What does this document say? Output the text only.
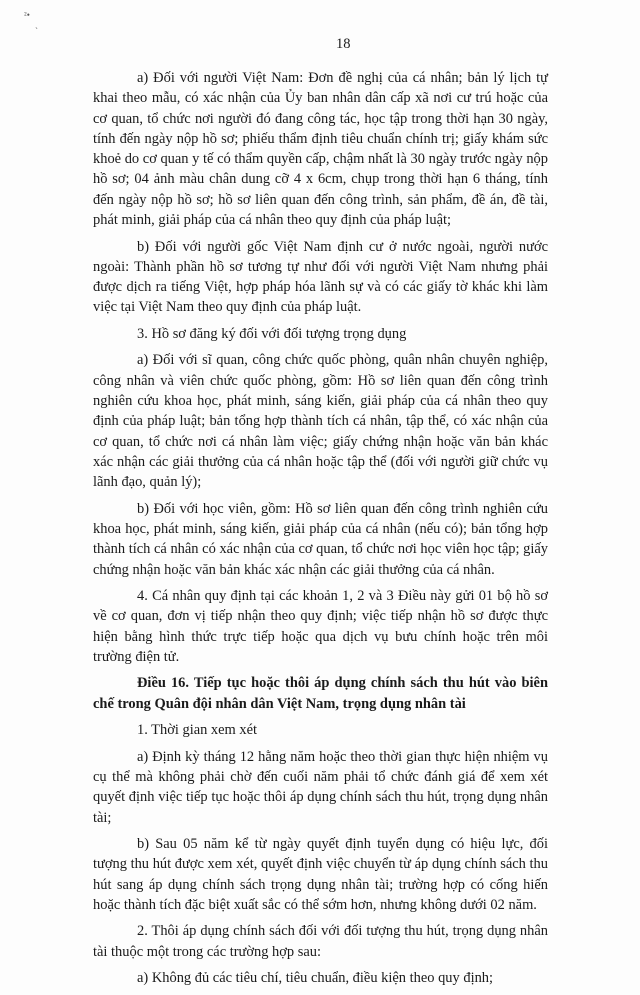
²•
`
18

a) Đối với người Việt Nam: Đơn đề nghị của cá nhân; bản lý lịch tự khai theo mẫu, có xác nhận của Ủy ban nhân dân cấp xã nơi cư trú hoặc của cơ quan, tổ chức nơi người đó đang công tác, học tập trong thời hạn 30 ngày, tính đến ngày nộp hồ sơ; phiếu thẩm định tiêu chuẩn chính trị; giấy khám sức khoẻ do cơ quan y tế có thẩm quyền cấp, chậm nhất là 30 ngày trước ngày nộp hồ sơ; 04 ảnh màu chân dung cỡ 4 x 6cm, chụp trong thời hạn 6 tháng, tính đến ngày nộp hồ sơ; hồ sơ liên quan đến công trình, sản phẩm, đề án, đề tài, phát minh, giải pháp của cá nhân theo quy định của pháp luật;

b) Đối với người gốc Việt Nam định cư ở nước ngoài, người nước ngoài: Thành phần hồ sơ tương tự như đối với người Việt Nam nhưng phải được dịch ra tiếng Việt, hợp pháp hóa lãnh sự và có các giấy tờ khác khi làm việc tại Việt Nam theo quy định của pháp luật.

3. Hồ sơ đăng ký đối với đối tượng trọng dụng

a) Đối với sĩ quan, công chức quốc phòng, quân nhân chuyên nghiệp, công nhân và viên chức quốc phòng, gồm: Hồ sơ liên quan đến công trình nghiên cứu khoa học, phát minh, sáng kiến, giải pháp của cá nhân theo quy định của pháp luật; bản tổng hợp thành tích cá nhân, tập thể, có xác nhận của cơ quan, tổ chức nơi cá nhân làm việc; giấy chứng nhận hoặc văn bản khác xác nhận các giải thưởng của cá nhân hoặc tập thể (đối với người giữ chức vụ lãnh đạo, quản lý);

b) Đối với học viên, gồm: Hồ sơ liên quan đến công trình nghiên cứu khoa học, phát minh, sáng kiến, giải pháp của cá nhân (nếu có); bản tổng hợp thành tích cá nhân có xác nhận của cơ quan, tổ chức nơi học viên học tập; giấy chứng nhận hoặc văn bản khác xác nhận các giải thưởng của cá nhân.

4. Cá nhân quy định tại các khoản 1, 2 và 3 Điều này gửi 01 bộ hồ sơ về cơ quan, đơn vị tiếp nhận theo quy định; việc tiếp nhận hồ sơ được thực hiện bằng hình thức trực tiếp hoặc qua dịch vụ bưu chính hoặc trên môi trường điện tử.

Điều 16. Tiếp tục hoặc thôi áp dụng chính sách thu hút vào biên chế trong Quân đội nhân dân Việt Nam, trọng dụng nhân tài

1. Thời gian xem xét

a) Định kỳ tháng 12 hằng năm hoặc theo thời gian thực hiện nhiệm vụ cụ thể mà không phải chờ đến cuối năm phải tổ chức đánh giá để xem xét quyết định việc tiếp tục hoặc thôi áp dụng chính sách thu hút, trọng dụng nhân tài;

b) Sau 05 năm kể từ ngày quyết định tuyển dụng có hiệu lực, đối tượng thu hút được xem xét, quyết định việc chuyển từ áp dụng chính sách thu hút sang áp dụng chính sách trọng dụng nhân tài; trường hợp có cống hiến hoặc thành tích đặc biệt xuất sắc có thể sớm hơn, nhưng không dưới 02 năm.

2. Thôi áp dụng chính sách đối với đối tượng thu hút, trọng dụng nhân tài thuộc một trong các trường hợp sau:

a) Không đủ các tiêu chí, tiêu chuẩn, điều kiện theo quy định;
